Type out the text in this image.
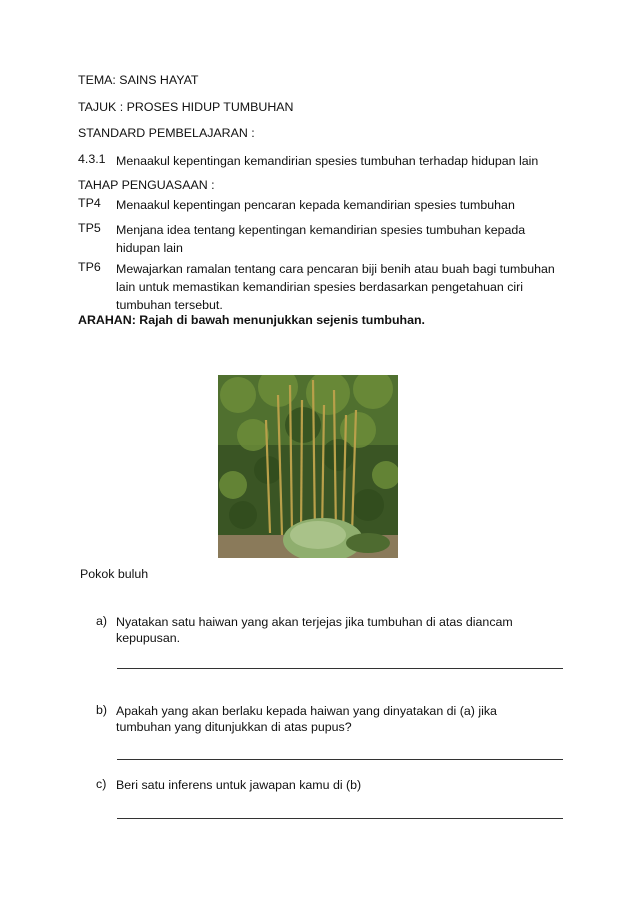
TEMA: SAINS HAYAT
TAJUK : PROSES HIDUP TUMBUHAN
STANDARD PEMBELAJARAN :
4.3.1 Menaakul kepentingan kemandirian spesies tumbuhan terhadap hidupan lain
TAHAP PENGUASAAN :
TP4 Menaakul kepentingan pencaran kepada kemandirian spesies tumbuhan
TP5 Menjana idea tentang kepentingan kemandirian spesies tumbuhan kepada hidupan lain
TP6 Mewajarkan ramalan tentang cara pencaran biji benih atau buah bagi tumbuhan lain untuk memastikan kemandirian spesies berdasarkan pengetahuan ciri tumbuhan tersebut.
ARAHAN: Rajah di bawah menunjukkan sejenis tumbuhan.
Pokok buluh
a) Nyatakan satu haiwan yang akan terjejas jika tumbuhan di atas diancam kepupusan.
b) Apakah yang akan berlaku kepada haiwan yang dinyatakan di (a) jika tumbuhan yang ditunjukkan di atas pupus?
c) Beri satu inferens untuk jawapan kamu di (b)
